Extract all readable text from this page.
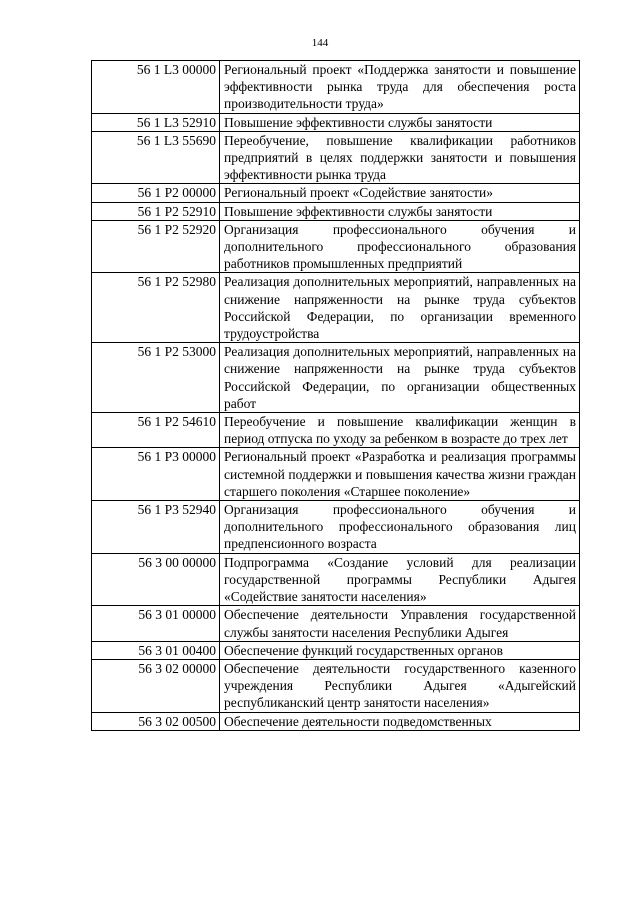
144
56 1 L3 00000	Региональный проект «Поддержка занятости и повышение эффективности рынка труда для обеспечения роста производительности труда»
56 1 L3 52910	Повышение эффективности службы занятости
56 1 L3 55690	Переобучение, повышение квалификации работников предприятий в целях поддержки занятости и повышения эффективности рынка труда
56 1 P2 00000	Региональный проект «Содействие занятости»
56 1 P2 52910	Повышение эффективности службы занятости
56 1 P2 52920	Организация профессионального обучения и дополнительного профессионального образования работников промышленных предприятий
56 1 P2 52980	Реализация дополнительных мероприятий, направленных на снижение напряженности на рынке труда субъектов Российской Федерации, по организации временного трудоустройства
56 1 P2 53000	Реализация дополнительных мероприятий, направленных на снижение напряженности на рынке труда субъектов Российской Федерации, по организации общественных работ
56 1 P2 54610	Переобучение и повышение квалификации женщин в период отпуска по уходу за ребенком в возрасте до трех лет
56 1 P3 00000	Региональный проект «Разработка и реализация программы системной поддержки и повышения качества жизни граждан старшего поколения «Старшее поколение»
56 1 P3 52940	Организация профессионального обучения и дополнительного профессионального образования лиц предпенсионного возраста
56 3 00 00000	Подпрограмма «Создание условий для реализации государственной программы Республики Адыгея «Содействие занятости населения»
56 3 01 00000	Обеспечение деятельности Управления государственной службы занятости населения Республики Адыгея
56 3 01 00400	Обеспечение функций государственных органов
56 3 02 00000	Обеспечение деятельности государственного казенного учреждения Республики Адыгея «Адыгейский республиканский центр занятости населения»
56 3 02 00500	Обеспечение деятельности подведомственных
